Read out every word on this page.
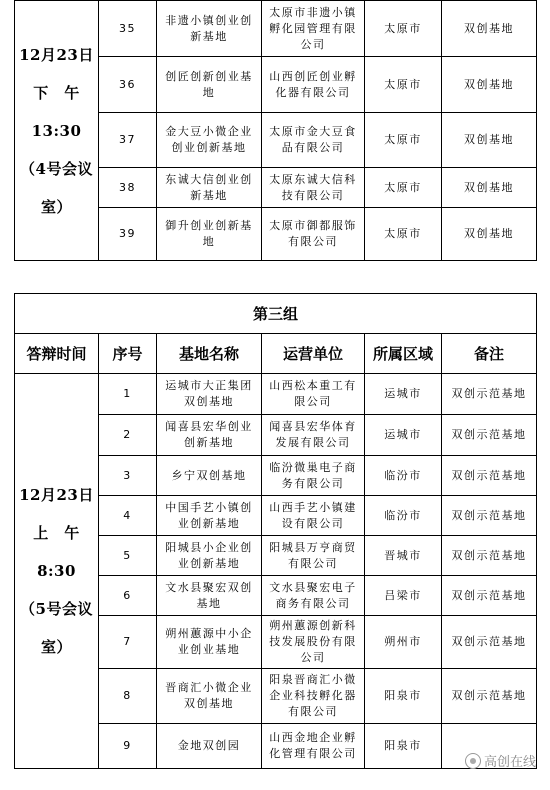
12月23日
下　午
13:30
（4号会议
室）	35	非遗小镇创业创新基地	太原市非遗小镇孵化园管理有限公司	太原市	双创基地
	36	创匠创新创业基地	山西创匠创业孵化器有限公司	太原市	双创基地
	37	金大豆小微企业创业创新基地	太原市金大豆食品有限公司	太原市	双创基地
	38	东诚大信创业创新基地	太原东诚大信科技有限公司	太原市	双创基地
	39	御升创业创新基地	太原市御都服饰有限公司	太原市	双创基地
第三组					
答辩时间	序号	基地名称	运营单位	所属区域	备注

12月23日
上　午
8:30
（5号会议
室）	1	运城市大正集团双创基地	山西松本重工有限公司	运城市	双创示范基地
	2	闻喜县宏华创业创新基地	闻喜县宏华体育发展有限公司	运城市	双创示范基地
	3	乡宁双创基地	临汾微巢电子商务有限公司	临汾市	双创示范基地
	4	中国手艺小镇创业创新基地	山西手艺小镇建设有限公司	临汾市	双创示范基地
	5	阳城县小企业创业创新基地	阳城县万亨商贸有限公司	晋城市	双创示范基地
	6	文水县聚宏双创基地	文水县聚宏电子商务有限公司	吕梁市	双创示范基地
	7	朔州蕙源中小企业创业基地	朔州蕙源创新科技发展股份有限公司	朔州市	双创示范基地
	8	晋商汇小微企业双创基地	阳泉晋商汇小微企业科技孵化器有限公司	阳泉市	双创示范基地
	9	金地双创园	山西金地企业孵化管理有限公司	阳泉市	
高创在线
